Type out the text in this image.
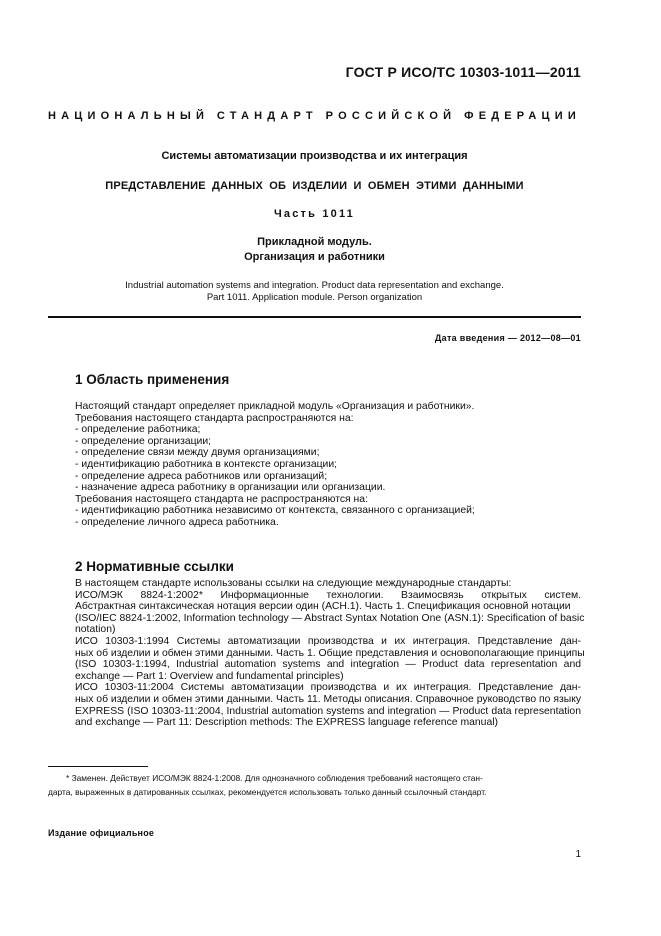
ГОСТ Р ИСО/ТС 10303-1011—2011
НАЦИОНАЛЬНЫЙ СТАНДАРТ РОССИЙСКОЙ ФЕДЕРАЦИИ
Системы автоматизации производства и их интеграция
ПРЕДСТАВЛЕНИЕ ДАННЫХ ОБ ИЗДЕЛИИ И ОБМЕН ЭТИМИ ДАННЫМИ
Часть 1011
Прикладной модуль.
Организация и работники
Industrial automation systems and integration. Product data representation and exchange.
Part 1011. Application module. Person organization
Дата введения — 2012—08—01
1 Область применения
Настоящий стандарт определяет прикладной модуль «Организация и работники».
Требования настоящего стандарта распространяются на:
- определение работника;
- определение организации;
- определение связи между двумя организациями;
- идентификацию работника в контексте организации;
- определение адреса работников или организаций;
- назначение адреса работнику в организации или организации.
Требования настоящего стандарта не распространяются на:
- идентификацию работника независимо от контекста, связанного с организацией;
- определение личного адреса работника.
2 Нормативные ссылки
В настоящем стандарте использованы ссылки на следующие международные стандарты:
ИСО/МЭК 8824-1:2002* Информационные технологии. Взаимосвязь открытых систем.
Абстрактная синтаксическая нотация версии один (АСН.1). Часть 1. Спецификация основной нотации
(ISO/IEC 8824-1:2002, Information technology — Abstract Syntax Notation One (ASN.1): Specification of basic
notation)
ИСО 10303-1:1994 Системы автоматизации производства и их интеграция. Представление дан-
ных об изделии и обмен этими данными. Часть 1. Общие представления и основополагающие принципы
(ISO 10303-1:1994, Industrial automation systems and integration — Product data representation and
exchange — Part 1: Overview and fundamental principles)
ИСО 10303-11:2004 Системы автоматизации производства и их интеграция. Представление дан-
ных об изделии и обмен этими данными. Часть 11. Методы описания. Справочное руководство по языку
EXPRESS (ISO 10303-11:2004, Industrial automation systems and integration — Product data representation
and exchange — Part 11: Description methods: The EXPRESS language reference manual)
* Заменен. Действует ИСО/МЭК 8824-1:2008. Для однозначного соблюдения требований настоящего стан-
дарта, выраженных в датированных ссылках, рекомендуется использовать только данный ссылочный стандарт.
Издание официальное
1
